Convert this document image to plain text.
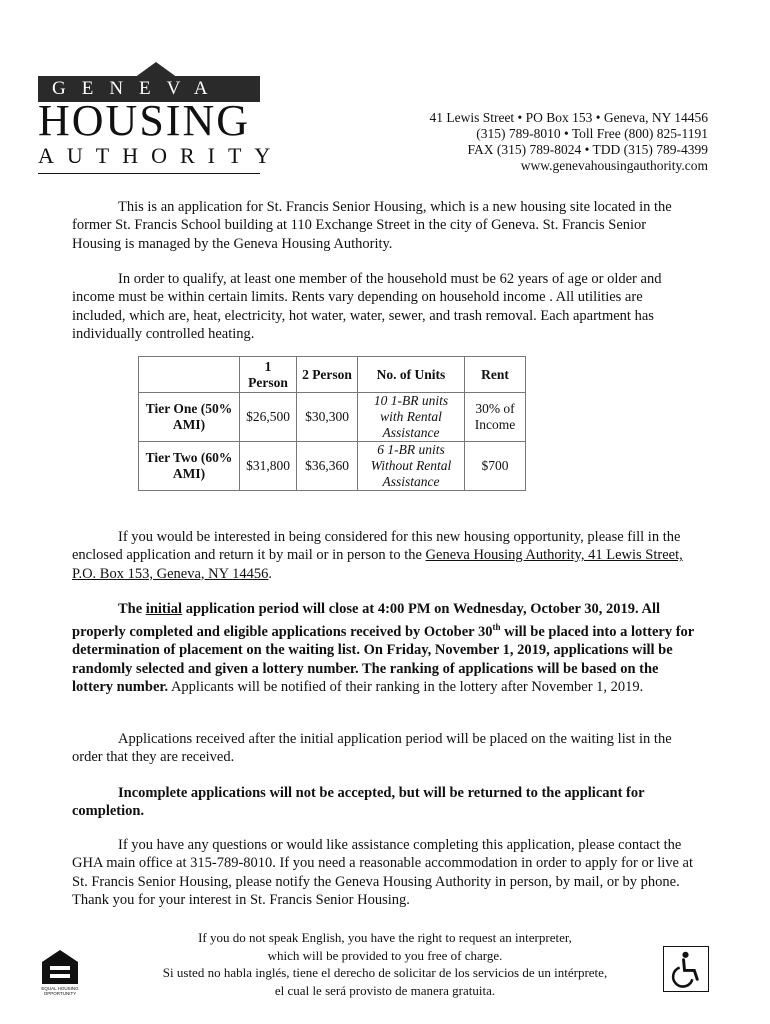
GENEVA
HOUSING
AUTHORITY
41 Lewis Street • PO Box 153 • Geneva, NY 14456
(315) 789-8010 • Toll Free (800) 825-1191
FAX (315) 789-8024 • TDD (315) 789-4399
www.genevahousingauthority.com

This is an application for St. Francis Senior Housing, which is a new housing site located in the former St. Francis School building at 110 Exchange Street in the city of Geneva. St. Francis Senior Housing is managed by the Geneva Housing Authority.

In order to qualify, at least one member of the household must be 62 years of age or older and income must be within certain limits. Rents vary depending on household income . All utilities are included, which are, heat, electricity, hot water, water, sewer, and trash removal. Each apartment has individually controlled heating.

	1 Person	2 Person	No. of Units	Rent
Tier One (50% AMI)	$26,500	$30,300	10 1-BR units with Rental Assistance	30% of Income
Tier Two (60% AMI)	$31,800	$36,360	6 1-BR units Without Rental Assistance	$700

If you would be interested in being considered for this new housing opportunity, please fill in the enclosed application and return it by mail or in person to the Geneva Housing Authority, 41 Lewis Street, P.O. Box 153, Geneva, NY 14456.

The initial application period will close at 4:00 PM on Wednesday, October 30, 2019. All properly completed and eligible applications received by October 30th will be placed into a lottery for determination of placement on the waiting list. On Friday, November 1, 2019, applications will be randomly selected and given a lottery number. The ranking of applications will be based on the lottery number. Applicants will be notified of their ranking in the lottery after November 1, 2019.

Applications received after the initial application period will be placed on the waiting list in the order that they are received.

Incomplete applications will not be accepted, but will be returned to the applicant for completion.

If you have any questions or would like assistance completing this application, please contact the GHA main office at 315-789-8010. If you need a reasonable accommodation in order to apply for or live at St. Francis Senior Housing, please notify the Geneva Housing Authority in person, by mail, or by phone. Thank you for your interest in St. Francis Senior Housing.

If you do not speak English, you have the right to request an interpreter,
which will be provided to you free of charge.
Si usted no habla inglés, tiene el derecho de solicitar de los servicios de un intérprete,
el cual le será provisto de manera gratuita.
EQUAL HOUSING OPPORTUNITY
